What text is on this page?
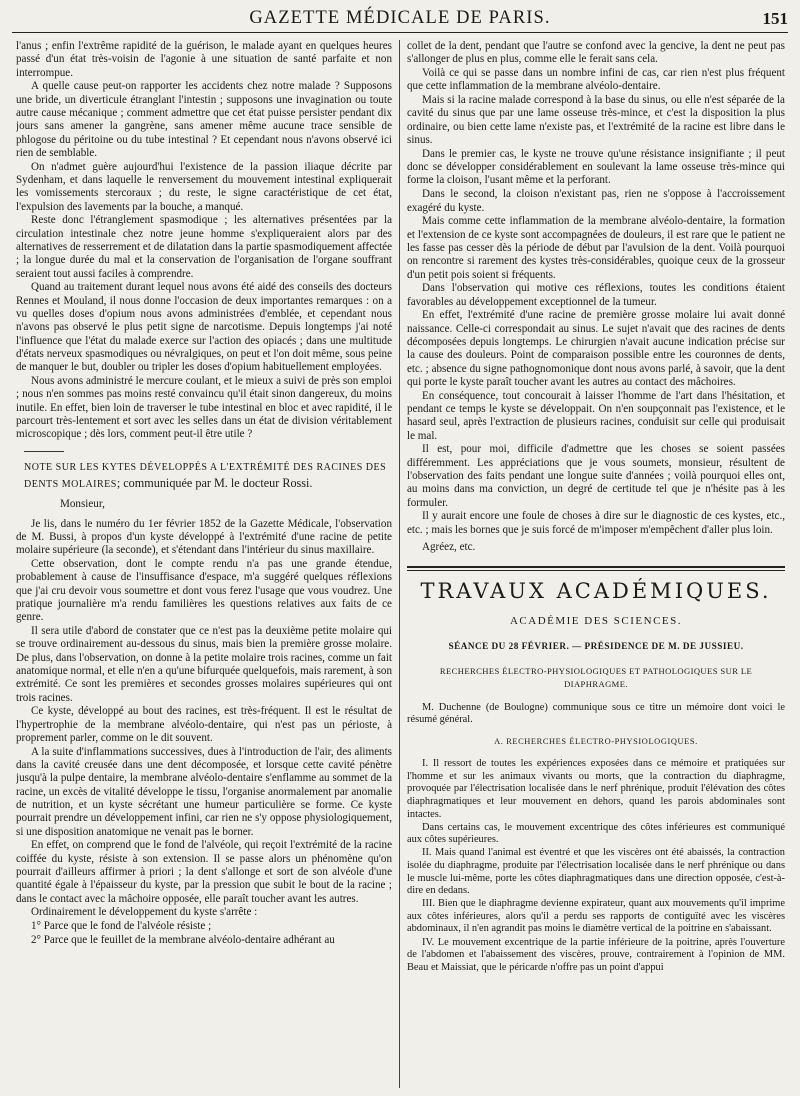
GAZETTE MÉDICALE DE PARIS.	151

l'anus ; enfin l'extrême rapidité de la guérison, le malade ayant en quelques heures passé d'un état très-voisin de l'agonie à une situation de santé parfaite et non interrompue.

A quelle cause peut-on rapporter les accidents chez notre malade ? Supposons une bride, un diverticule étranglant l'intestin ; supposons une invagination ou toute autre cause mécanique ; comment admettre que cet état puisse persister pendant dix jours sans amener la gangrène, sans amener même aucune trace sensible de phlogose du péritoine ou du tube intestinal ? Et cependant nous n'avons observé ici rien de semblable.

On n'admet guère aujourd'hui l'existence de la passion iliaque décrite par Sydenham, et dans laquelle le renversement du mouvement intestinal expliquerait les vomissements stercoraux ; du reste, le signe caractéristique de cet état, l'expulsion des lavements par la bouche, a manqué.

Reste donc l'étranglement spasmodique ; les alternatives présentées par la circulation intestinale chez notre jeune homme s'expliqueraient alors par des alternatives de resserrement et de dilatation dans la partie spasmodiquement affectée ; la longue durée du mal et la conservation de l'organisation de l'organe souffrant seraient tout aussi faciles à comprendre.

Quand au traitement durant lequel nous avons été aidé des conseils des docteurs Rennes et Mouland, il nous donne l'occasion de deux importantes remarques : on a vu quelles doses d'opium nous avons administrées d'emblée, et cependant nous n'avons pas observé le plus petit signe de narcotisme. Depuis longtemps j'ai noté l'influence que l'état du malade exerce sur l'action des opiacés ; dans une multitude d'états nerveux spasmodiques ou névralgiques, on peut et l'on doit même, sous peine de manquer le but, doubler ou tripler les doses d'opium habituellement employées.

Nous avons administré le mercure coulant, et le mieux a suivi de près son emploi ; nous n'en sommes pas moins resté convaincu qu'il était sinon dangereux, du moins inutile. En effet, bien loin de traverser le tube intestinal en bloc et avec rapidité, il le parcourt très-lentement et sort avec les selles dans un état de division véritablement microscopique ; dès lors, comment peut-il être utile ?

NOTE SUR LES KYTES DÉVELOPPÉS A L'EXTRÉMITÉ DES RACINES DES DENTS MOLAIRES; communiquée par M. le docteur Rossi.

Monsieur,

Je lis, dans le numéro du 1er février 1852 de la Gazette Médicale, l'observation de M. Bussi, à propos d'un kyste développé à l'extrémité d'une racine de petite molaire supérieure (la seconde), et s'étendant dans l'intérieur du sinus maxillaire.

Cette observation, dont le compte rendu n'a pas une grande étendue, probablement à cause de l'insuffisance d'espace, m'a suggéré quelques réflexions que j'ai cru devoir vous soumettre et dont vous ferez l'usage que vous voudrez. Une pratique journalière m'a rendu familières les questions relatives aux faits de ce genre.

Il sera utile d'abord de constater que ce n'est pas la deuxième petite molaire qui se trouve ordinairement au-dessous du sinus, mais bien la première grosse molaire. De plus, dans l'observation, on donne à la petite molaire trois racines, comme un fait anatomique normal, et elle n'en a qu'une bifurquée quelquefois, mais rarement, à son extrémité. Ce sont les premières et secondes grosses molaires supérieures qui ont trois racines.

Ce kyste, développé au bout des racines, est très-fréquent. Il est le résultat de l'hypertrophie de la membrane alvéolo-dentaire, qui n'est pas un périoste, à proprement parler, comme on le dit souvent.

A la suite d'inflammations successives, dues à l'introduction de l'air, des aliments dans la cavité creusée dans une dent décomposée, et lorsque cette cavité pénètre jusqu'à la pulpe dentaire, la membrane alvéolo-dentaire s'enflamme au sommet de la racine, un excès de vitalité développe le tissu, l'organise anormalement par anomalie de nutrition, et un kyste sécrétant une humeur particulière se forme. Ce kyste pourrait prendre un développement infini, car rien ne s'y oppose physiologiquement, si une disposition anatomique ne venait pas le borner.

En effet, on comprend que le fond de l'alvéole, qui reçoit l'extrémité de la racine coiffée du kyste, résiste à son extension. Il se passe alors un phénomène qu'on pourrait d'ailleurs affirmer à priori ; la dent s'allonge et sort de son alvéole d'une quantité égale à l'épaisseur du kyste, par la pression que subit le bout de la racine ; dans le contact avec la mâchoire opposée, elle paraît toucher avant les autres.

Ordinairement le développement du kyste s'arrête :

1° Parce que le fond de l'alvéole résiste ;

2° Parce que le feuillet de la membrane alvéolo-dentaire adhérant au

collet de la dent, pendant que l'autre se confond avec la gencive, la dent ne peut pas s'allonger de plus en plus, comme elle le ferait sans cela.

Voilà ce qui se passe dans un nombre infini de cas, car rien n'est plus fréquent que cette inflammation de la membrane alvéolo-dentaire.

Mais si la racine malade correspond à la base du sinus, ou elle n'est séparée de la cavité du sinus que par une lame osseuse très-mince, et c'est la disposition la plus ordinaire, ou bien cette lame n'existe pas, et l'extrémité de la racine est libre dans le sinus.

Dans le premier cas, le kyste ne trouve qu'une résistance insignifiante ; il peut donc se développer considérablement en soulevant la lame osseuse très-mince qui forme la cloison, l'usant même et la perforant.

Dans le second, la cloison n'existant pas, rien ne s'oppose à l'accroissement exagéré du kyste.

Mais comme cette inflammation de la membrane alvéolo-dentaire, la formation et l'extension de ce kyste sont accompagnées de douleurs, il est rare que le patient ne les fasse pas cesser dès la période de début par l'avulsion de la dent. Voilà pourquoi on rencontre si rarement des kystes très-considérables, quoique ceux de la grosseur d'un petit pois soient si fréquents.

Dans l'observation qui motive ces réflexions, toutes les conditions étaient favorables au développement exceptionnel de la tumeur.

En effet, l'extrémité d'une racine de première grosse molaire lui avait donné naissance. Celle-ci correspondait au sinus. Le sujet n'avait que des racines de dents décomposées depuis longtemps. Le chirurgien n'avait aucune indication précise sur la cause des douleurs. Point de comparaison possible entre les couronnes de dents, etc. ; absence du signe pathognomonique dont nous avons parlé, à savoir, que la dent qui porte le kyste paraît toucher avant les autres au contact des mâchoires.

En conséquence, tout concourait à laisser l'homme de l'art dans l'hésitation, et pendant ce temps le kyste se développait. On n'en soupçonnait pas l'existence, et le hasard seul, après l'extraction de plusieurs racines, conduisit sur celle qui produisait le mal.

Il est, pour moi, difficile d'admettre que les choses se soient passées différemment. Les appréciations que je vous soumets, monsieur, résultent de l'observation des faits pendant une longue suite d'années ; voilà pourquoi elles ont, au moins dans ma conviction, un degré de certitude tel que je n'hésite pas à les formuler.

Il y aurait encore une foule de choses à dire sur le diagnostic de ces kystes, etc., etc. ; mais les bornes que je suis forcé de m'imposer m'empêchent d'aller plus loin.

Agréez, etc.

TRAVAUX ACADÉMIQUES.

ACADÉMIE DES SCIENCES.

SÉANCE DU 28 FÉVRIER. — PRÉSIDENCE DE M. DE JUSSIEU.

RECHERCHES ÉLECTRO-PHYSIOLOGIQUES ET PATHOLOGIQUES SUR LE DIAPHRAGME.

M. Duchenne (de Boulogne) communique sous ce titre un mémoire dont voici le résumé général.

A. RECHERCHES ÉLECTRO-PHYSIOLOGIQUES.

I. Il ressort de toutes les expériences exposées dans ce mémoire et pratiquées sur l'homme et sur les animaux vivants ou morts, que la contraction du diaphragme, provoquée par l'électrisation localisée dans le nerf phrénique, produit l'élévation des côtes diaphragmatiques et leur mouvement en dehors, quand les parois abdominales sont intactes.

Dans certains cas, le mouvement excentrique des côtes inférieures est communiqué aux côtes supérieures.

II. Mais quand l'animal est éventré et que les viscères ont été abaissés, la contraction isolée du diaphragme, produite par l'électrisation localisée dans le nerf phrénique ou dans le muscle lui-même, porte les côtes diaphragmatiques dans une direction opposée, c'est-à-dire en dedans.

III. Bien que le diaphragme devienne expirateur, quant aux mouvements qu'il imprime aux côtes inférieures, alors qu'il a perdu ses rapports de contiguïté avec les viscères abdominaux, il n'en agrandit pas moins le diamètre vertical de la poitrine en s'abaissant.

IV. Le mouvement excentrique de la partie inférieure de la poitrine, après l'ouverture de l'abdomen et l'abaissement des viscères, prouve, contrairement à l'opinion de MM. Beau et Maissiat, que le péricarde n'offre pas un point d'appui
